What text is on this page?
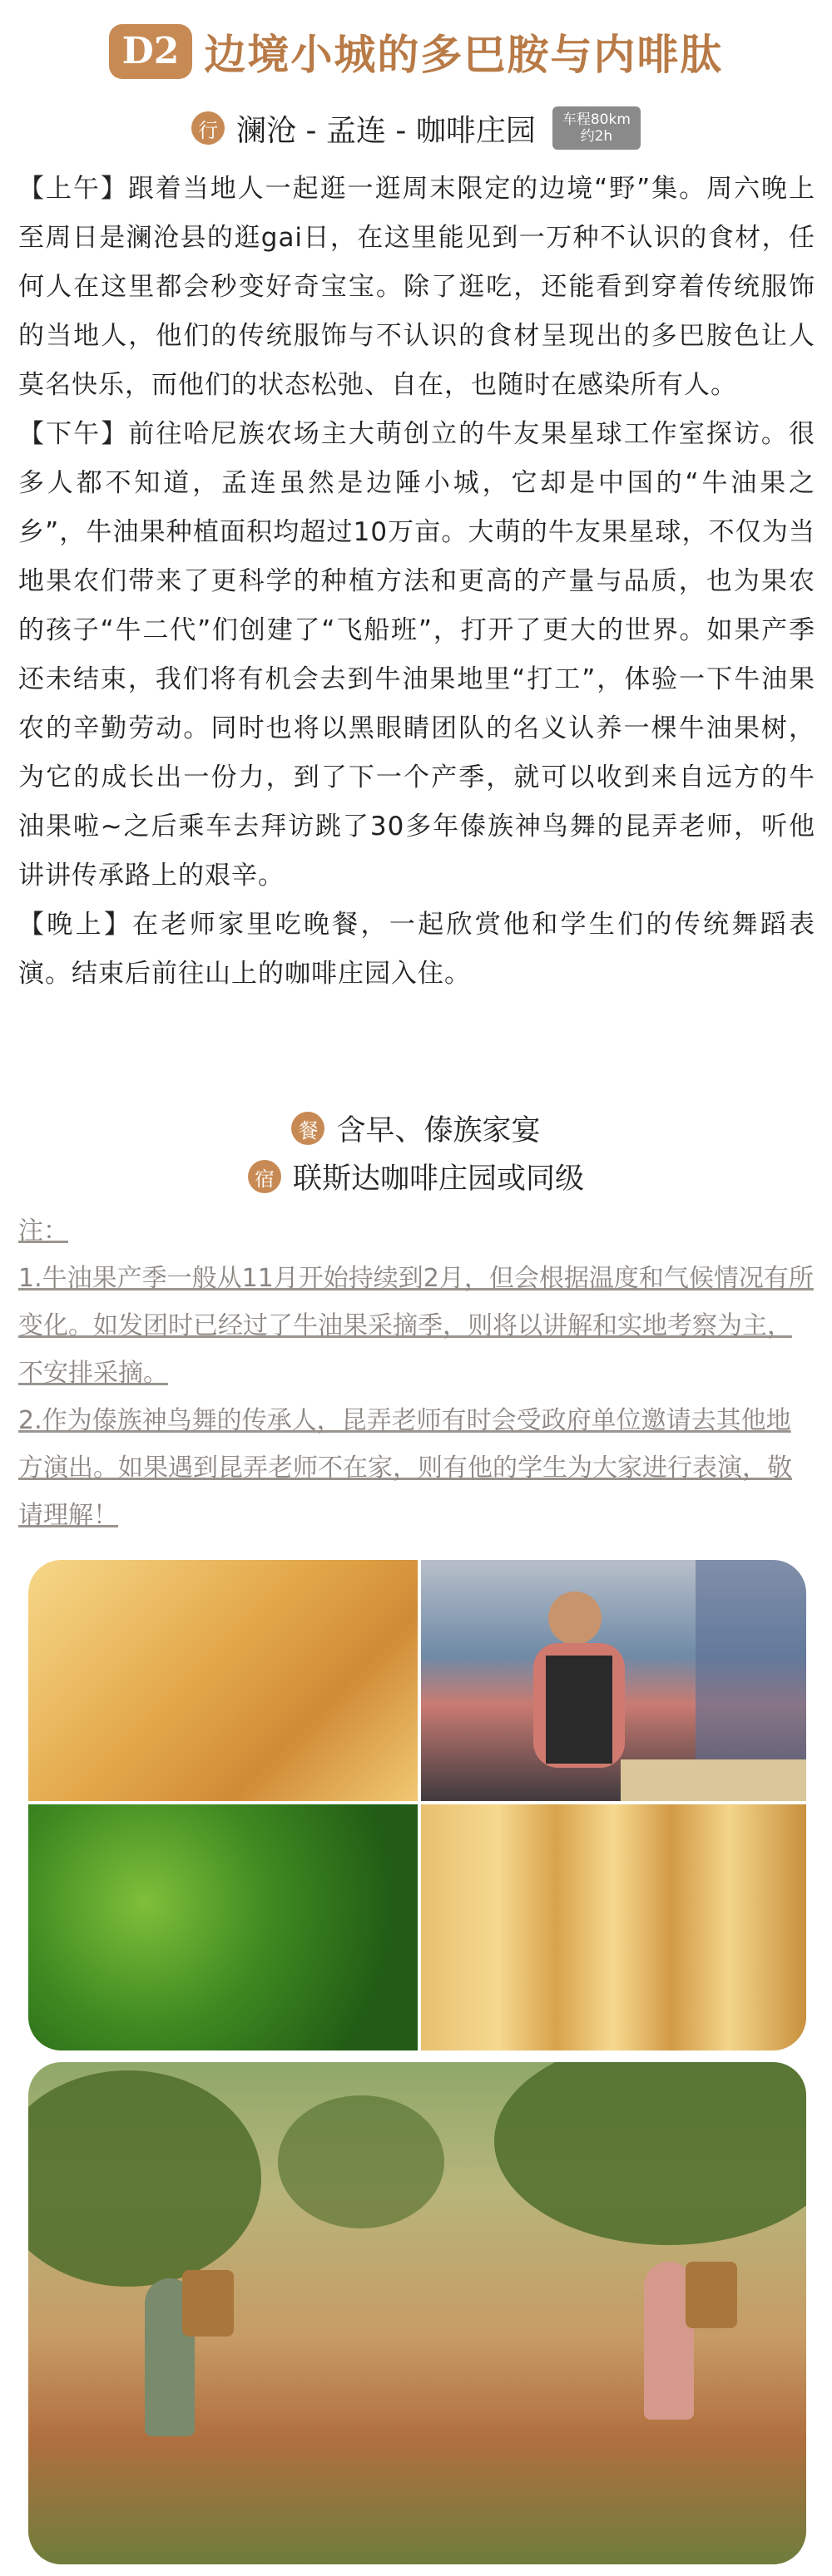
D2 边境小城的多巴胺与内啡肽
行 澜沧 - 孟连 - 咖啡庄园 车程80km
约2h

【上午】跟着当地人一起逛一逛周末限定的边境“野”集。周六晚上至周日是澜沧县的逛gai日，在这里能见到一万种不认识的食材，任何人在这里都会秒变好奇宝宝。除了逛吃，还能看到穿着传统服饰的当地人，他们的传统服饰与不认识的食材呈现出的多巴胺色让人莫名快乐，而他们的状态松弛、自在，也随时在感染所有人。

【下午】前往哈尼族农场主大萌创立的牛友果星球工作室探访。很多人都不知道，孟连虽然是边陲小城，它却是中国的“牛油果之乡”，牛油果种植面积均超过10万亩。大萌的牛友果星球，不仅为当地果农们带来了更科学的种植方法和更高的产量与品质，也为果农的孩子“牛二代”们创建了“飞船班”，打开了更大的世界。如果产季还未结束，我们将有机会去到牛油果地里“打工”，体验一下牛油果农的辛勤劳动。同时也将以黑眼睛团队的名义认养一棵牛油果树，为它的成长出一份力，到了下一个产季，就可以收到来自远方的牛油果啦~之后乘车去拜访跳了30多年傣族神鸟舞的昆弄老师，听他讲讲传承路上的艰辛。

【晚上】在老师家里吃晚餐，一起欣赏他和学生们的传统舞蹈表演。结束后前往山上的咖啡庄园入住。

餐 含早、傣族家宴
宿 联斯达咖啡庄园或同级
注：
1.牛油果产季一般从11月开始持续到2月，但会根据温度和气候情况有所变化。如发团时已经过了牛油果采摘季，则将以讲解和实地考察为主，不安排采摘。
2.作为傣族神鸟舞的传承人，昆弄老师有时会受政府单位邀请去其他地方演出。如果遇到昆弄老师不在家，则有他的学生为大家进行表演，敬请理解！
